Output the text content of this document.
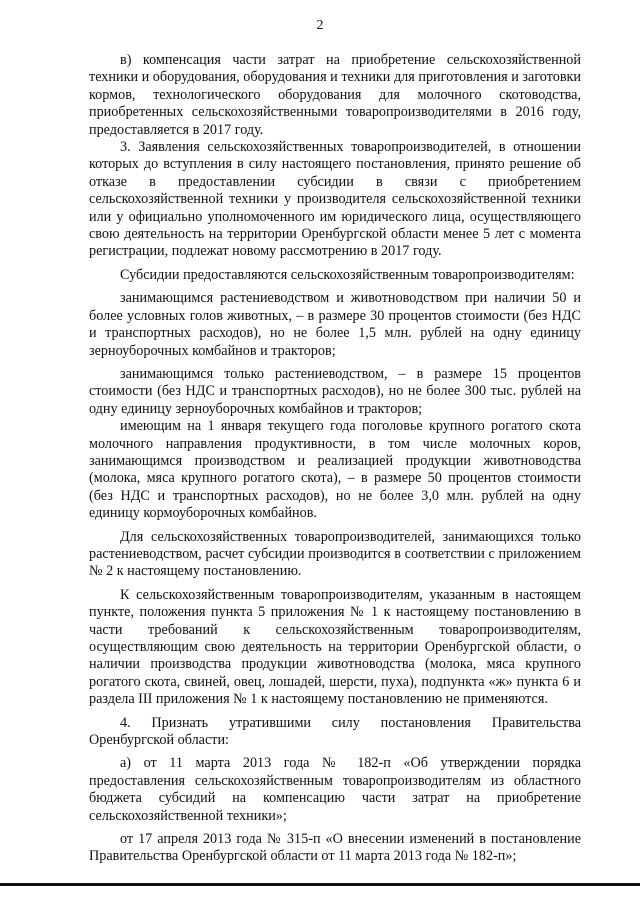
2

в) компенсация части затрат на приобретение сельскохозяйственной техники и оборудования, оборудования и техники для приготовления и заготовки кормов, технологического оборудования для молочного скотоводства, приобретенных сельскохозяйственными товаропроизводителями в 2016 году, предоставляется в 2017 году.

3. Заявления сельскохозяйственных товаропроизводителей, в отношении которых до вступления в силу настоящего постановления, принято решение об отказе в предоставлении субсидии в связи с приобретением сельскохозяйственной техники у производителя сельскохозяйственной техники или у официально уполномоченного им юридического лица, осуществляющего свою деятельность на территории Оренбургской области менее 5 лет с момента регистрации, подлежат новому рассмотрению в 2017 году.

Субсидии предоставляются сельскохозяйственным товаропроизводителям:

занимающимся растениеводством и животноводством при наличии 50 и более условных голов животных, – в размере 30 процентов стоимости (без НДС и транспортных расходов), но не более 1,5 млн. рублей на одну единицу зерноуборочных комбайнов и тракторов;

занимающимся только растениеводством, – в размере 15 процентов стоимости (без НДС и транспортных расходов), но не более 300 тыс. рублей на одну единицу зерноуборочных комбайнов и тракторов;

имеющим на 1 января текущего года поголовье крупного рогатого скота молочного направления продуктивности, в том числе молочных коров, занимающимся производством и реализацией продукции животноводства (молока, мяса крупного рогатого скота), – в размере 50 процентов стоимости (без НДС и транспортных расходов), но не более 3,0 млн. рублей на одну единицу кормоуборочных комбайнов.

Для сельскохозяйственных товаропроизводителей, занимающихся только растениеводством, расчет субсидии производится в соответствии с приложением № 2 к настоящему постановлению.

К сельскохозяйственным товаропроизводителям, указанным в настоящем пункте, положения пункта 5 приложения № 1 к настоящему постановлению в части требований к сельскохозяйственным товаропроизводителям, осуществляющим свою деятельность на территории Оренбургской области, о наличии производства продукции животноводства (молока, мяса крупного рогатого скота, свиней, овец, лошадей, шерсти, пуха), подпункта «ж» пункта 6 и раздела III приложения № 1 к настоящему постановлению не применяются.

4. Признать утратившими силу постановления Правительства Оренбургской области:

а) от 11 марта 2013 года № 182-п «Об утверждении порядка предоставления сельскохозяйственным товаропроизводителям из областного бюджета субсидий на компенсацию части затрат на приобретение сельскохозяйственной техники»;

от 17 апреля 2013 года № 315-п «О внесении изменений в постановление Правительства Оренбургской области от 11 марта 2013 года № 182-п»;
